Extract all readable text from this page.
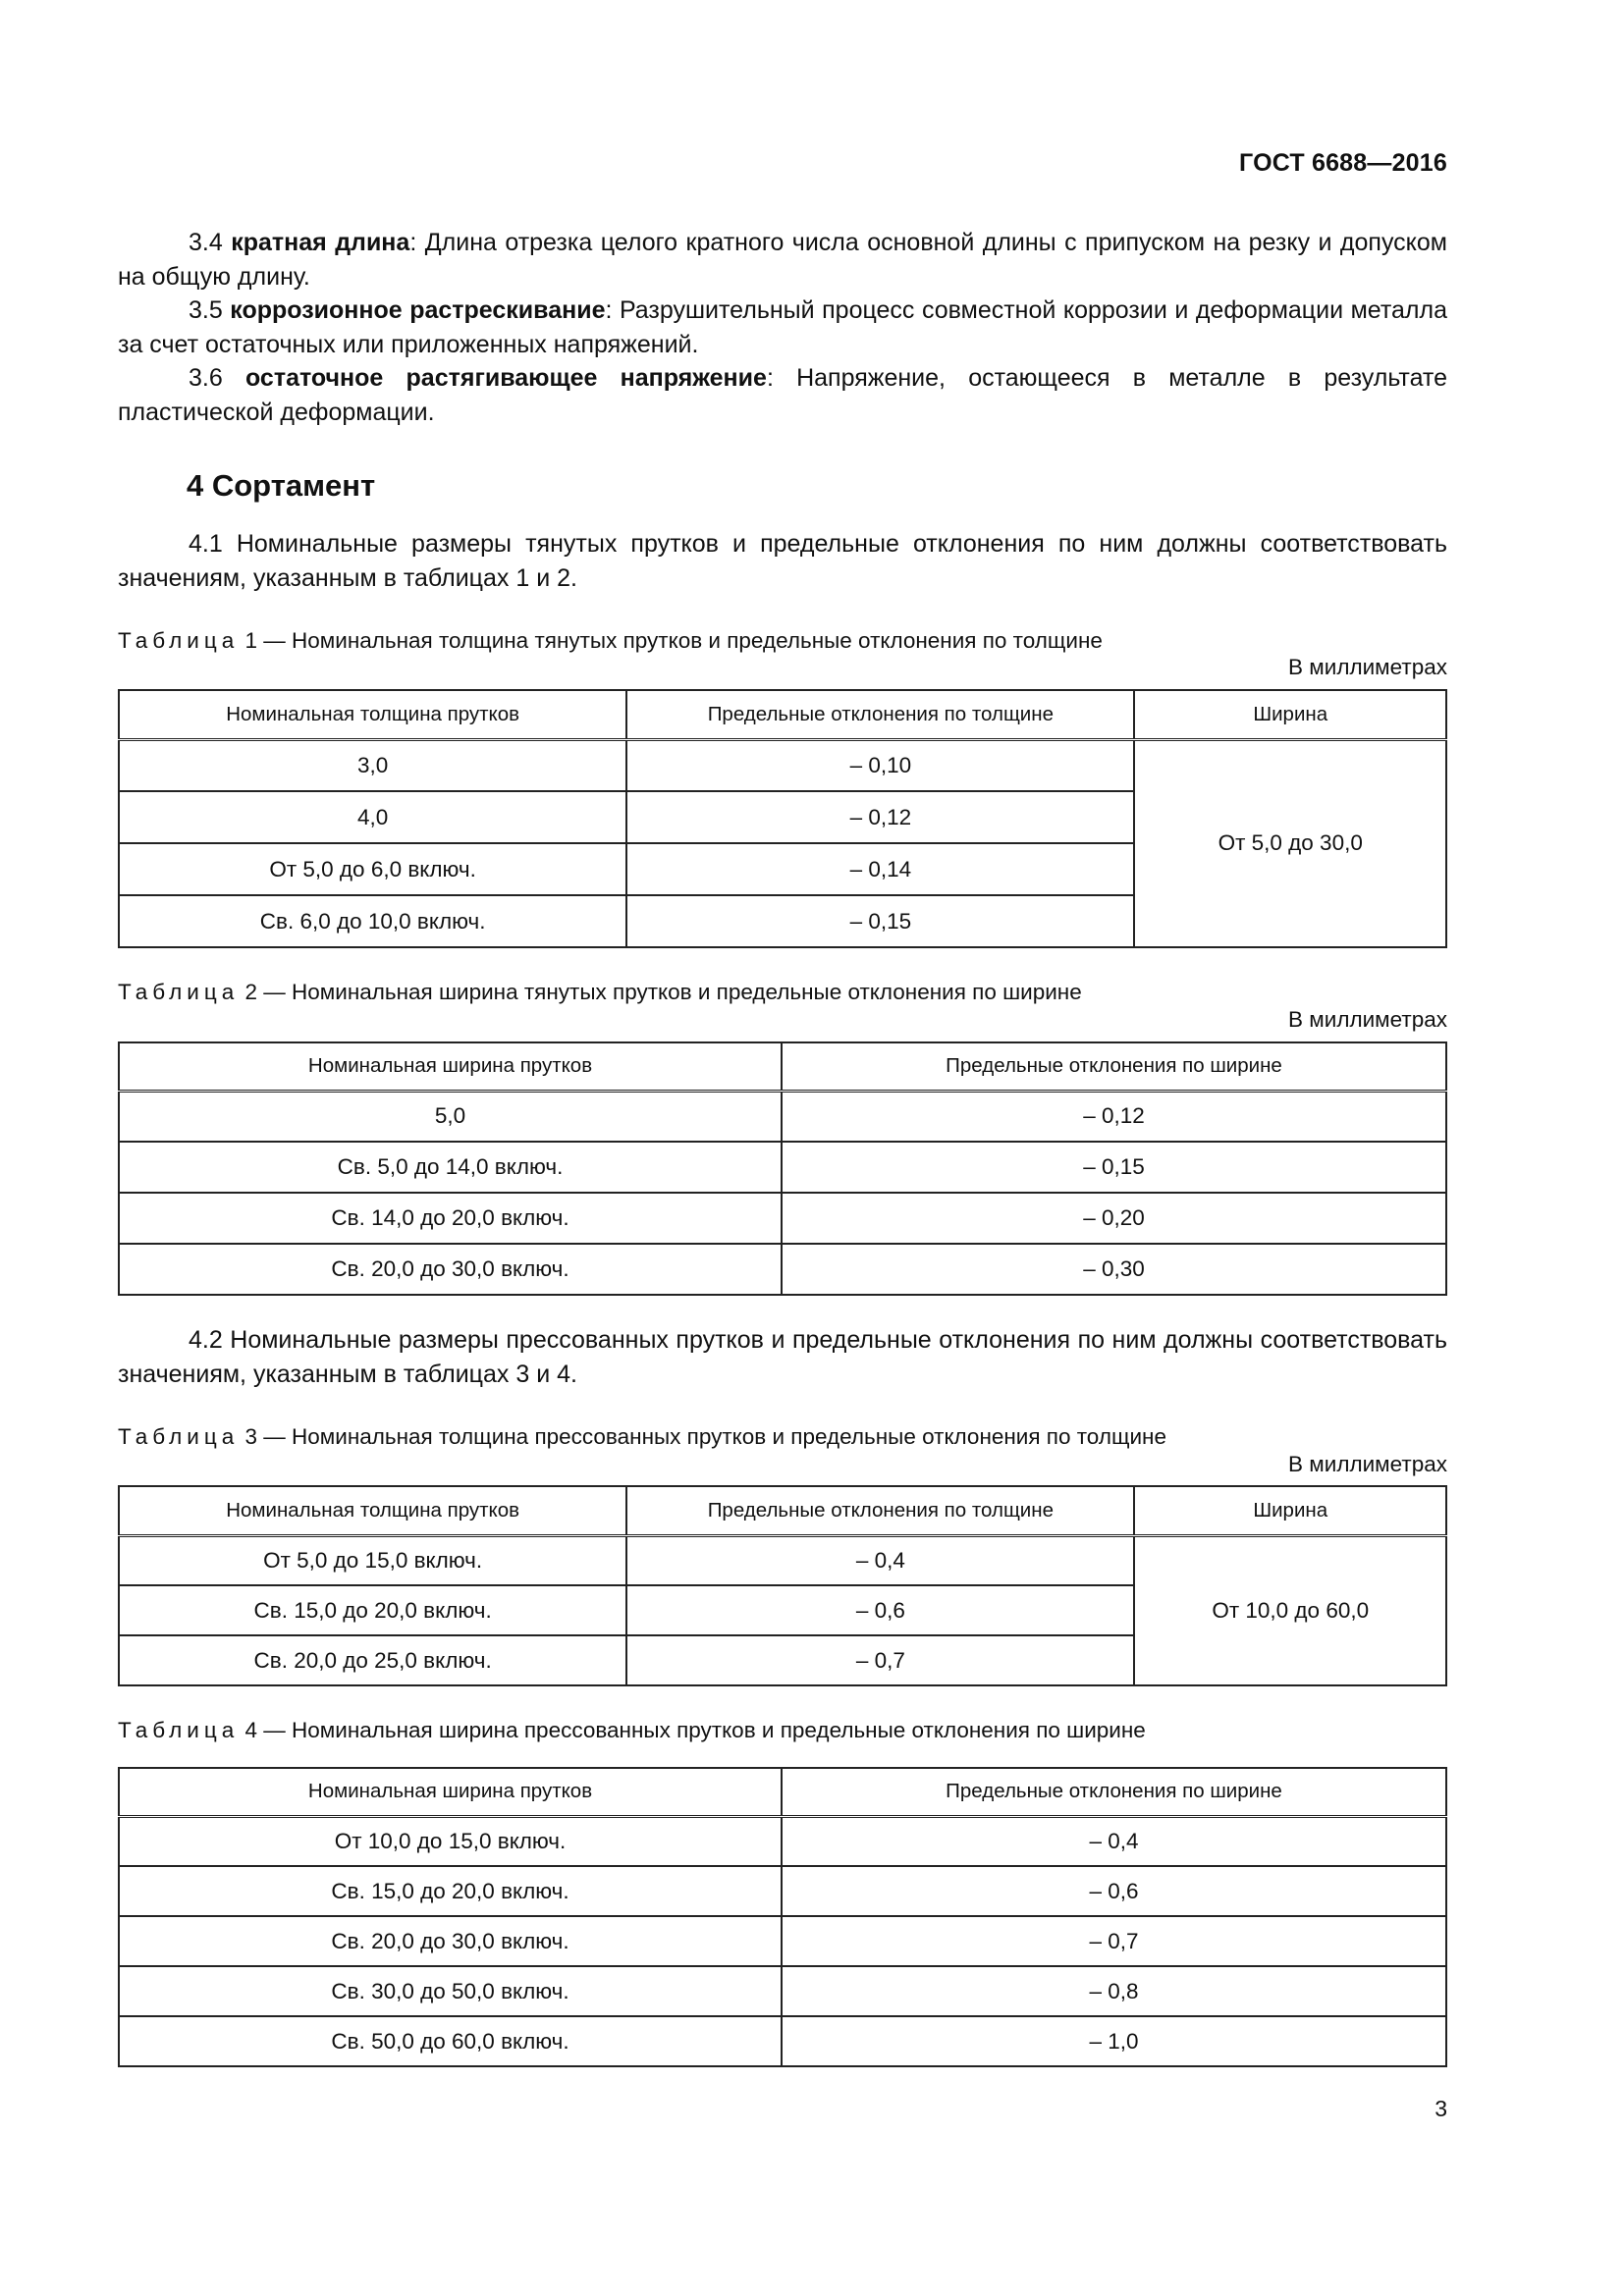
ГОСТ 6688—2016

3.4 кратная длина: Длина отрезка целого кратного числа основной длины с припуском на резку и допуском на общую длину.

3.5 коррозионное растрескивание: Разрушительный процесс совместной коррозии и деформации металла за счет остаточных или приложенных напряжений.

3.6 остаточное растягивающее напряжение: Напряжение, остающееся в металле в результате пластической деформации.

4 Сортамент

4.1 Номинальные размеры тянутых прутков и предельные отклонения по ним должны соответствовать значениям, указанным в таблицах 1 и 2.

Таблица 1 — Номинальная толщина тянутых прутков и предельные отклонения по толщине
В миллиметрах
Номинальная толщина прутков	Предельные отклонения по толщине	Ширина
3,0	– 0,10	От 5,0 до 30,0
4,0	– 0,12	
От 5,0 до 6,0 включ.	– 0,14	
Св. 6,0 до 10,0 включ.	– 0,15	
Таблица 2 — Номинальная ширина тянутых прутков и предельные отклонения по ширине
В миллиметрах
Номинальная ширина прутков	Предельные отклонения по ширине
5,0	– 0,12
Св. 5,0 до 14,0 включ.	– 0,15
Св. 14,0 до 20,0 включ.	– 0,20
Св. 20,0 до 30,0 включ.	– 0,30

4.2 Номинальные размеры прессованных прутков и предельные отклонения по ним должны соответствовать значениям, указанным в таблицах 3 и 4.

Таблица 3 — Номинальная толщина прессованных прутков и предельные отклонения по толщине
В миллиметрах
Номинальная толщина прутков	Предельные отклонения по толщине	Ширина
От 5,0 до 15,0 включ.	– 0,4	От 10,0 до 60,0
Св. 15,0 до 20,0 включ.	– 0,6	
Св. 20,0 до 25,0 включ.	– 0,7	
Таблица 4 — Номинальная ширина прессованных прутков и предельные отклонения по ширине
Номинальная ширина прутков	Предельные отклонения по ширине
От 10,0 до 15,0 включ.	– 0,4
Св. 15,0 до 20,0 включ.	– 0,6
Св. 20,0 до 30,0 включ.	– 0,7
Св. 30,0 до 50,0 включ.	– 0,8
Св. 50,0 до 60,0 включ.	– 1,0
3
